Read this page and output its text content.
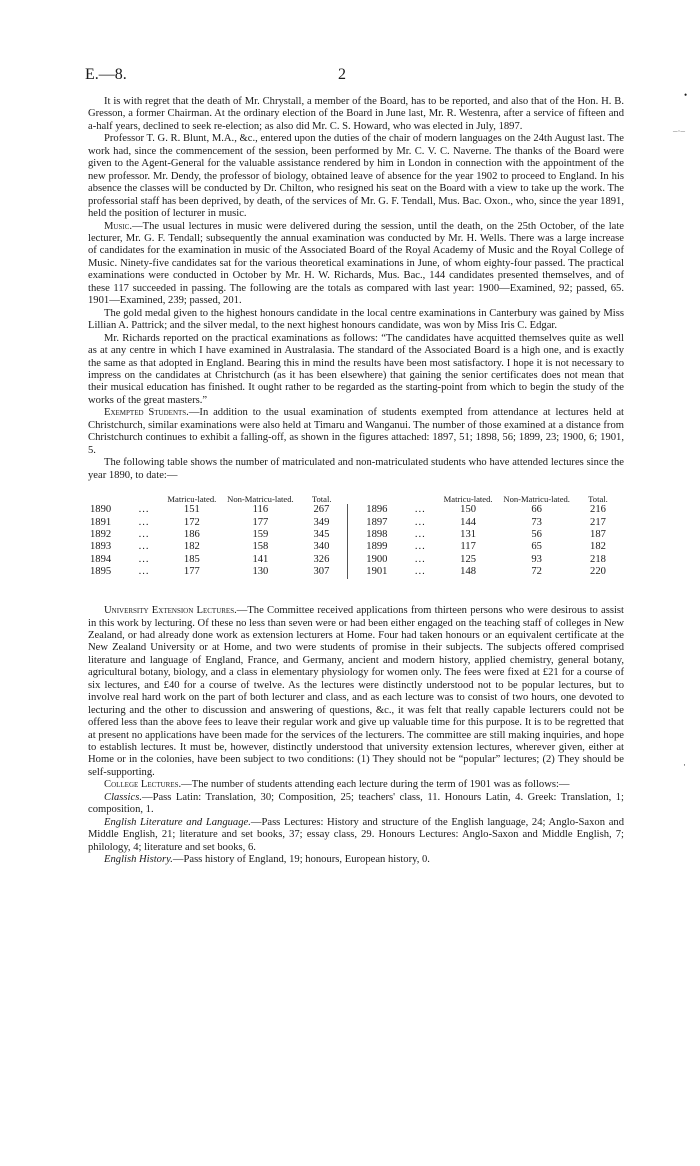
E.—8.	2
•
–·–
·

It is with regret that the death of Mr. Chrystall, a member of the Board, has to be reported, and also that of the Hon. H. B. Gresson, a former Chairman. At the ordinary election of the Board in June last, Mr. R. Westenra, after a service of fifteen and a-half years, declined to seek re-election; as also did Mr. C. S. Howard, who was elected in July, 1897.

Professor T. G. R. Blunt, M.A., &c., entered upon the duties of the chair of modern languages on the 24th August last. The work had, since the commencement of the session, been performed by Mr. C. V. C. Naverne. The thanks of the Board were given to the Agent-General for the valuable assistance rendered by him in London in connection with the appointment of the new professor. Mr. Dendy, the professor of biology, obtained leave of absence for the year 1902 to proceed to England. In his absence the classes will be conducted by Dr. Chilton, who resigned his seat on the Board with a view to take up the work. The professorial staff has been deprived, by death, of the services of Mr. G. F. Tendall, Mus. Bac. Oxon., who, since the year 1891, held the position of lecturer in music.

Music.—The usual lectures in music were delivered during the session, until the death, on the 25th October, of the late lecturer, Mr. G. F. Tendall; subsequently the annual examination was conducted by Mr. H. Wells. There was a large increase of candidates for the examination in music of the Associated Board of the Royal Academy of Music and the Royal College of Music. Ninety-five candidates sat for the various theoretical examinations in June, of whom eighty-four passed. The practical examinations were conducted in October by Mr. H. W. Richards, Mus. Bac., 144 candidates presented themselves, and of these 117 succeeded in passing. The following are the totals as compared with last year: 1900—Examined, 92; passed, 65. 1901—Examined, 239; passed, 201.

The gold medal given to the highest honours candidate in the local centre examinations in Canterbury was gained by Miss Lillian A. Pattrick; and the silver medal, to the next highest honours candidate, was won by Miss Iris C. Edgar.

Mr. Richards reported on the practical examinations as follows: “The candidates have acquitted themselves quite as well as at any centre in which I have examined in Australasia. The standard of the Associated Board is a high one, and is exactly the same as that adopted in England. Bearing this in mind the results have been most satisfactory. I hope it is not necessary to impress on the candidates at Christchurch (as it has been elsewhere) that gaining the senior certificates does not mean that their musical education has finished. It ought rather to be regarded as the starting-point from which to begin the study of the works of the great masters.”

Exempted Students.—In addition to the usual examination of students exempted from attendance at lectures held at Christchurch, similar examinations were also held at Timaru and Wanganui. The number of those examined at a distance from Christchurch continues to exhibit a falling-off, as shown in the figures attached: 1897, 51; 1898, 56; 1899, 23; 1900, 6; 1901, 5.

The following table shows the number of matriculated and non-matriculated students who have attended lectures since the year 1890, to date:—

		Matricu-lated.	Non-Matricu-lated.	Total.				Matricu-lated.	Non-Matricu-lated.	Total.
1890	...	151	116	267		1896	...	150	66	216
1891	...	172	177	349		1897	...	144	73	217
1892	...	186	159	345		1898	...	131	56	187
1893	...	182	158	340		1899	...	117	65	182
1894	...	185	141	326		1900	...	125	93	218
1895	...	177	130	307		1901	...	148	72	220

University Extension Lectures.—The Committee received applications from thirteen persons who were desirous to assist in this work by lecturing. Of these no less than seven were or had been either engaged on the teaching staff of colleges in New Zealand, or had already done work as extension lecturers at Home. Four had taken honours or an equivalent certificate at the New Zealand University or at Home, and two were students of promise in their subjects. The subjects offered comprised literature and language of England, France, and Germany, ancient and modern history, applied chemistry, general botany, agricultural botany, biology, and a class in elementary physiology for women only. The fees were fixed at £21 for a course of six lectures, and £40 for a course of twelve. As the lectures were distinctly understood not to be popular lectures, but to involve real hard work on the part of both lecturer and class, and as each lecture was to consist of two hours, one devoted to lecturing and the other to discussion and answering of questions, &c., it was felt that really capable lecturers could not be offered less than the above fees to leave their regular work and give up valuable time for this purpose. It is to be regretted that at present no applications have been made for the services of the lecturers. The committee are still making inquiries, and hope to establish lectures. It must be, however, distinctly understood that university extension lectures, wherever given, either at Home or in the colonies, have been subject to two conditions: (1) They should not be “popular” lectures; (2) They should be self-supporting.

College Lectures.—The number of students attending each lecture during the term of 1901 was as follows:—

Classics.—Pass Latin: Translation, 30; Composition, 25; teachers' class, 11. Honours Latin, 4. Greek: Translation, 1; composition, 1.

English Literature and Language.—Pass Lectures: History and structure of the English language, 24; Anglo-Saxon and Middle English, 21; literature and set books, 37; essay class, 29. Honours Lectures: Anglo-Saxon and Middle English, 7; philology, 4; literature and set books, 6.

English History.—Pass history of England, 19; honours, European history, 0.
